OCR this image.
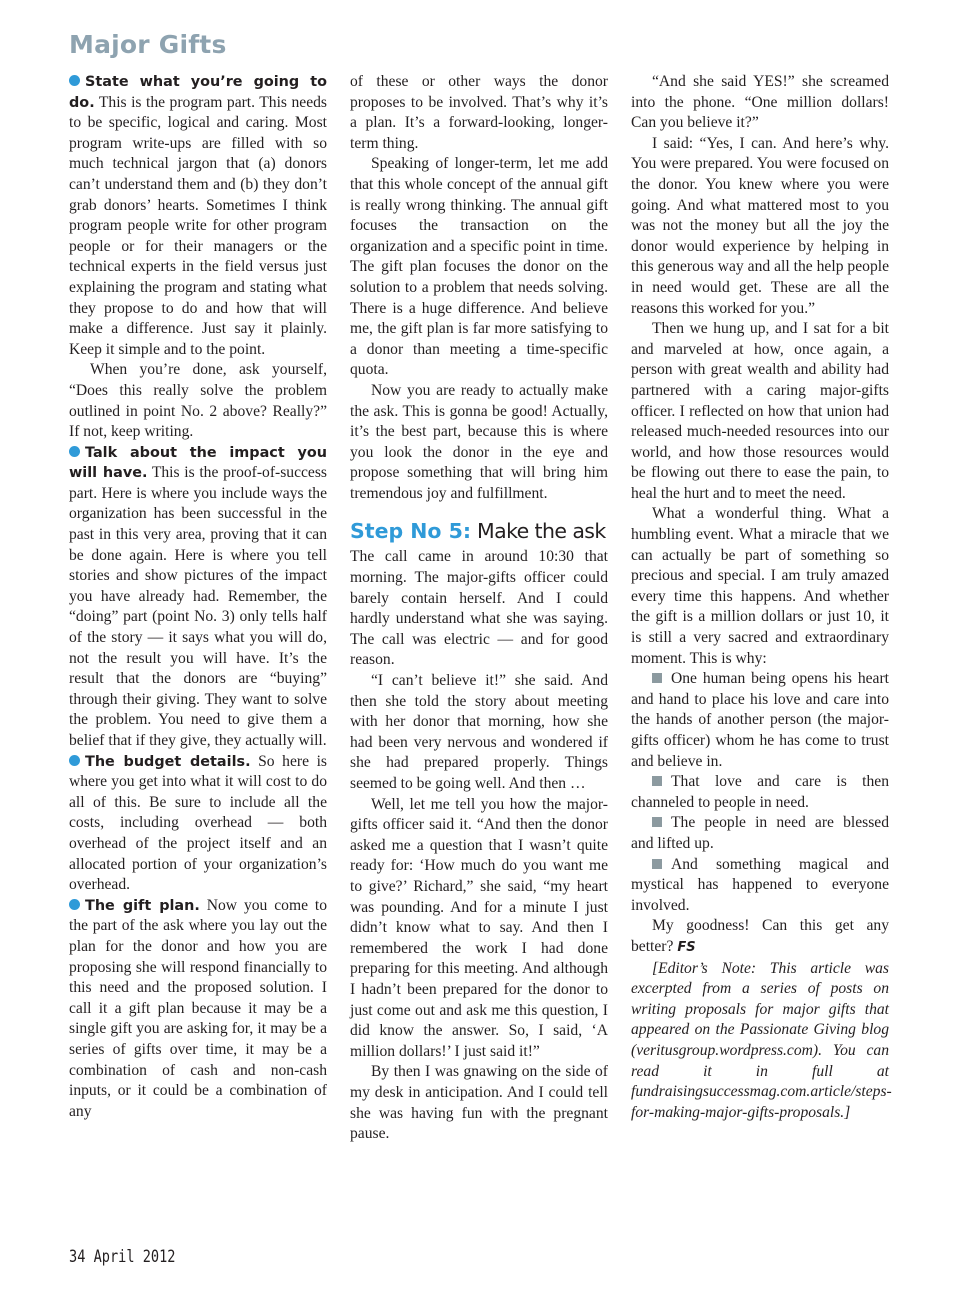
Major Gifts

State what you’re going to do. This is the program part. This needs to be specific, logical and caring. Most program write-ups are filled with so much technical jargon that (a) donors can’t understand them and (b) they don’t grab donors’ hearts. Sometimes I think program people write for other program people or for their managers or the technical experts in the field versus just explaining the program and stating what they propose to do and how that will make a difference. Just say it plainly. Keep it simple and to the point.

When you’re done, ask yourself, “Does this really solve the problem outlined in point No. 2 above? Really?” If not, keep writing.

Talk about the impact you will have. This is the proof-of-success part. Here is where you include ways the organization has been successful in the past in this very area, proving that it can be done again. Here is where you tell stories and show pictures of the impact you have already had. Remember, the “doing” part (point No. 3) only tells half of the story — it says what you will do, not the result you will have. It’s the result that the donors are “buying” through their giving. They want to solve the problem. You need to give them a belief that if they give, they actually will.

The budget details. So here is where you get into what it will cost to do all of this. Be sure to include all the costs, including overhead — both overhead of the project itself and an allocated portion of your organization’s overhead.

The gift plan. Now you come to the part of the ask where you lay out the plan for the donor and how you are proposing she will respond financially to this need and the proposed solution. I call it a gift plan because it may be a single gift you are asking for, it may be a series of gifts over time, it may be a combination of cash and non-cash inputs, or it could be a combination of any

of these or other ways the donor proposes to be involved. That’s why it’s a plan. It’s a forward-looking, longer-term thing.

Speaking of longer-term, let me add that this whole concept of the annual gift is really wrong thinking. The annual gift focuses the transaction on the organization and a specific point in time. The gift plan focuses the donor on the solution to a problem that needs solving. There is a huge difference. And believe me, the gift plan is far more satisfying to a donor than meeting a time-specific quota.

Now you are ready to actually make the ask. This is gonna be good! Actually, it’s the best part, because this is where you look the donor in the eye and propose something that will bring him tremendous joy and fulfillment.

Step No 5: Make the ask

The call came in around 10:30 that morning. The major-gifts officer could barely contain herself. And I could hardly understand what she was saying. The call was electric — and for good reason.

“I can’t believe it!” she said. And then she told the story about meeting with her donor that morning, how she had been very nervous and wondered if she had prepared properly. Things seemed to be going well. And then …

Well, let me tell you how the major-gifts officer said it. “And then the donor asked me a question that I wasn’t quite ready for: ‘How much do you want me to give?’ Richard,” she said, “my heart was pounding. And for a minute I just didn’t know what to say. And then I remembered the work I had done preparing for this meeting. And although I hadn’t been prepared for the donor to just come out and ask me this question, I did know the answer. So, I said, ‘A million dollars!’ I just said it!”

By then I was gnawing on the side of my desk in anticipation. And I could tell she was having fun with the pregnant pause.

“And she said YES!” she screamed into the phone. “One million dollars! Can you believe it?”

I said: “Yes, I can. And here’s why. You were prepared. You were focused on the donor. You knew where you were going. And what mattered most to you was not the money but all the joy the donor would experience by helping in this generous way and all the help people in need would get. These are all the reasons this worked for you.”

Then we hung up, and I sat for a bit and marveled at how, once again, a person with great wealth and ability had partnered with a caring major-gifts officer. I reflected on how that union had released much-needed resources into our world, and how those resources would be flowing out there to ease the pain, to heal the hurt and to meet the need.

What a wonderful thing. What a humbling event. What a miracle that we can actually be part of something so precious and special. I am truly amazed every time this happens. And whether the gift is a million dollars or just 10, it is still a very sacred and extraordinary moment. This is why:

One human being opens his heart and hand to place his love and care into the hands of another person (the major-gifts officer) whom he has come to trust and believe in.

That love and care is then channeled to people in need.

The people in need are blessed and lifted up.

And something magical and mystical has happened to everyone involved.

My goodness! Can this get any better? FS

[Editor’s Note: This article was excerpted from a series of posts on writing proposals for major gifts that appeared on the Passionate Giving blog (veritusgroup.wordpress.com). You can read it in full at fundraisingsuccessmag.com.article/steps-for-making-major-gifts-proposals.]

34 April 2012
